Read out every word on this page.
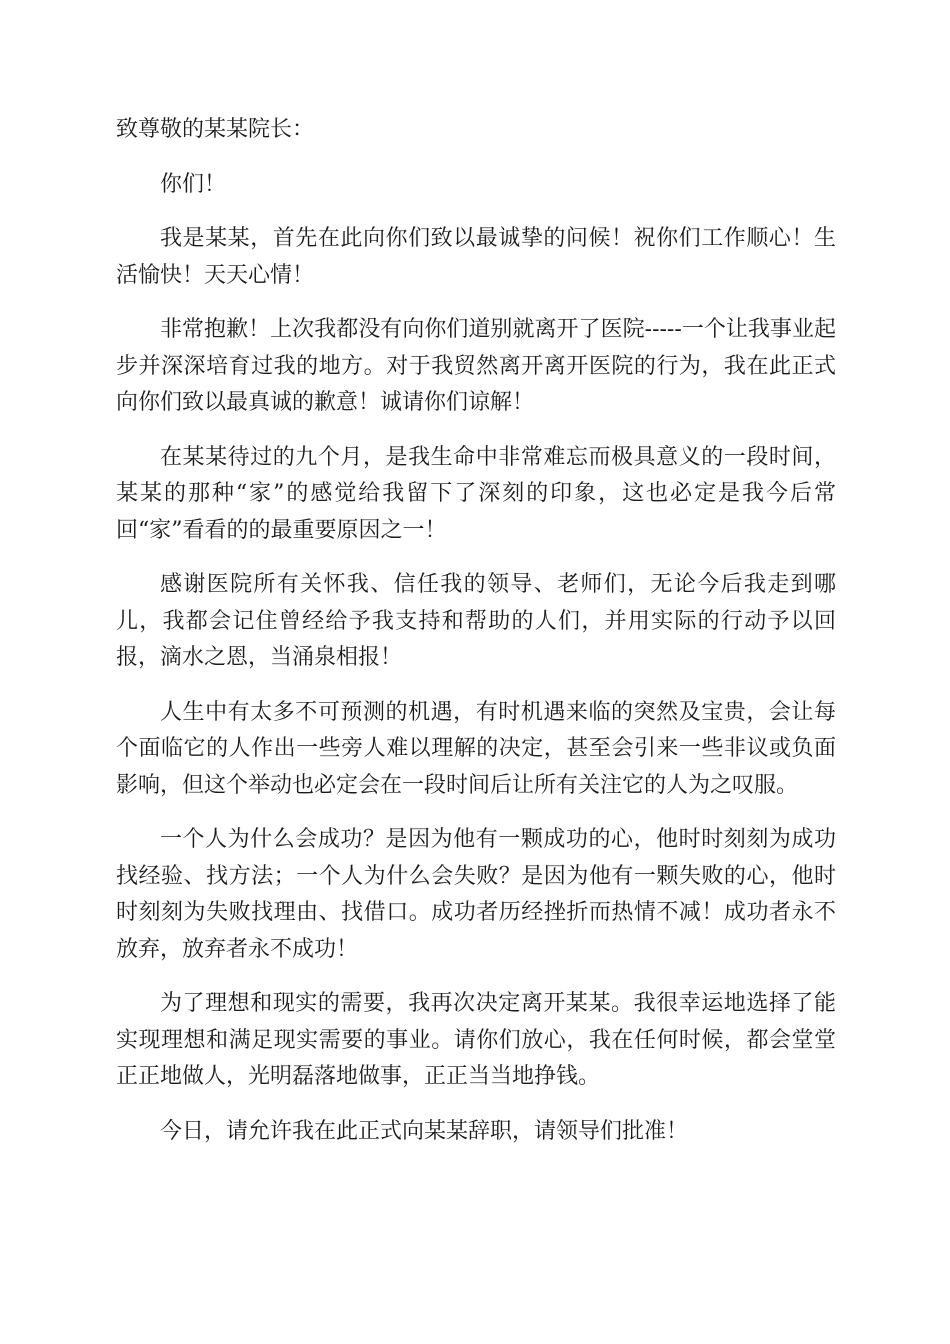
致尊敬的某某院长：

你们！

我是某某，首先在此向你们致以最诚挚的问候！祝你们工作顺心！生活愉快！天天心情！

非常抱歉！上次我都没有向你们道别就离开了医院-----一个让我事业起步并深深培育过我的地方。对于我贸然离开离开医院的行为，我在此正式向你们致以最真诚的歉意！诚请你们谅解！

在某某待过的九个月，是我生命中非常难忘而极具意义的一段时间，某某的那种“家”的感觉给我留下了深刻的印象，这也必定是我今后常回“家”看看的的最重要原因之一！

感谢医院所有关怀我、信任我的领导、老师们，无论今后我走到哪儿，我都会记住曾经给予我支持和帮助的人们，并用实际的行动予以回报，滴水之恩，当涌泉相报！

人生中有太多不可预测的机遇，有时机遇来临的突然及宝贵，会让每个面临它的人作出一些旁人难以理解的决定，甚至会引来一些非议或负面影响，但这个举动也必定会在一段时间后让所有关注它的人为之叹服。

一个人为什么会成功？是因为他有一颗成功的心，他时时刻刻为成功找经验、找方法；一个人为什么会失败？是因为他有一颗失败的心，他时时刻刻为失败找理由、找借口。成功者历经挫折而热情不减！成功者永不放弃，放弃者永不成功！

为了理想和现实的需要，我再次决定离开某某。我很幸运地选择了能实现理想和满足现实需要的事业。请你们放心，我在任何时候，都会堂堂正正地做人，光明磊落地做事，正正当当地挣钱。

今日，请允许我在此正式向某某辞职，请领导们批准！
